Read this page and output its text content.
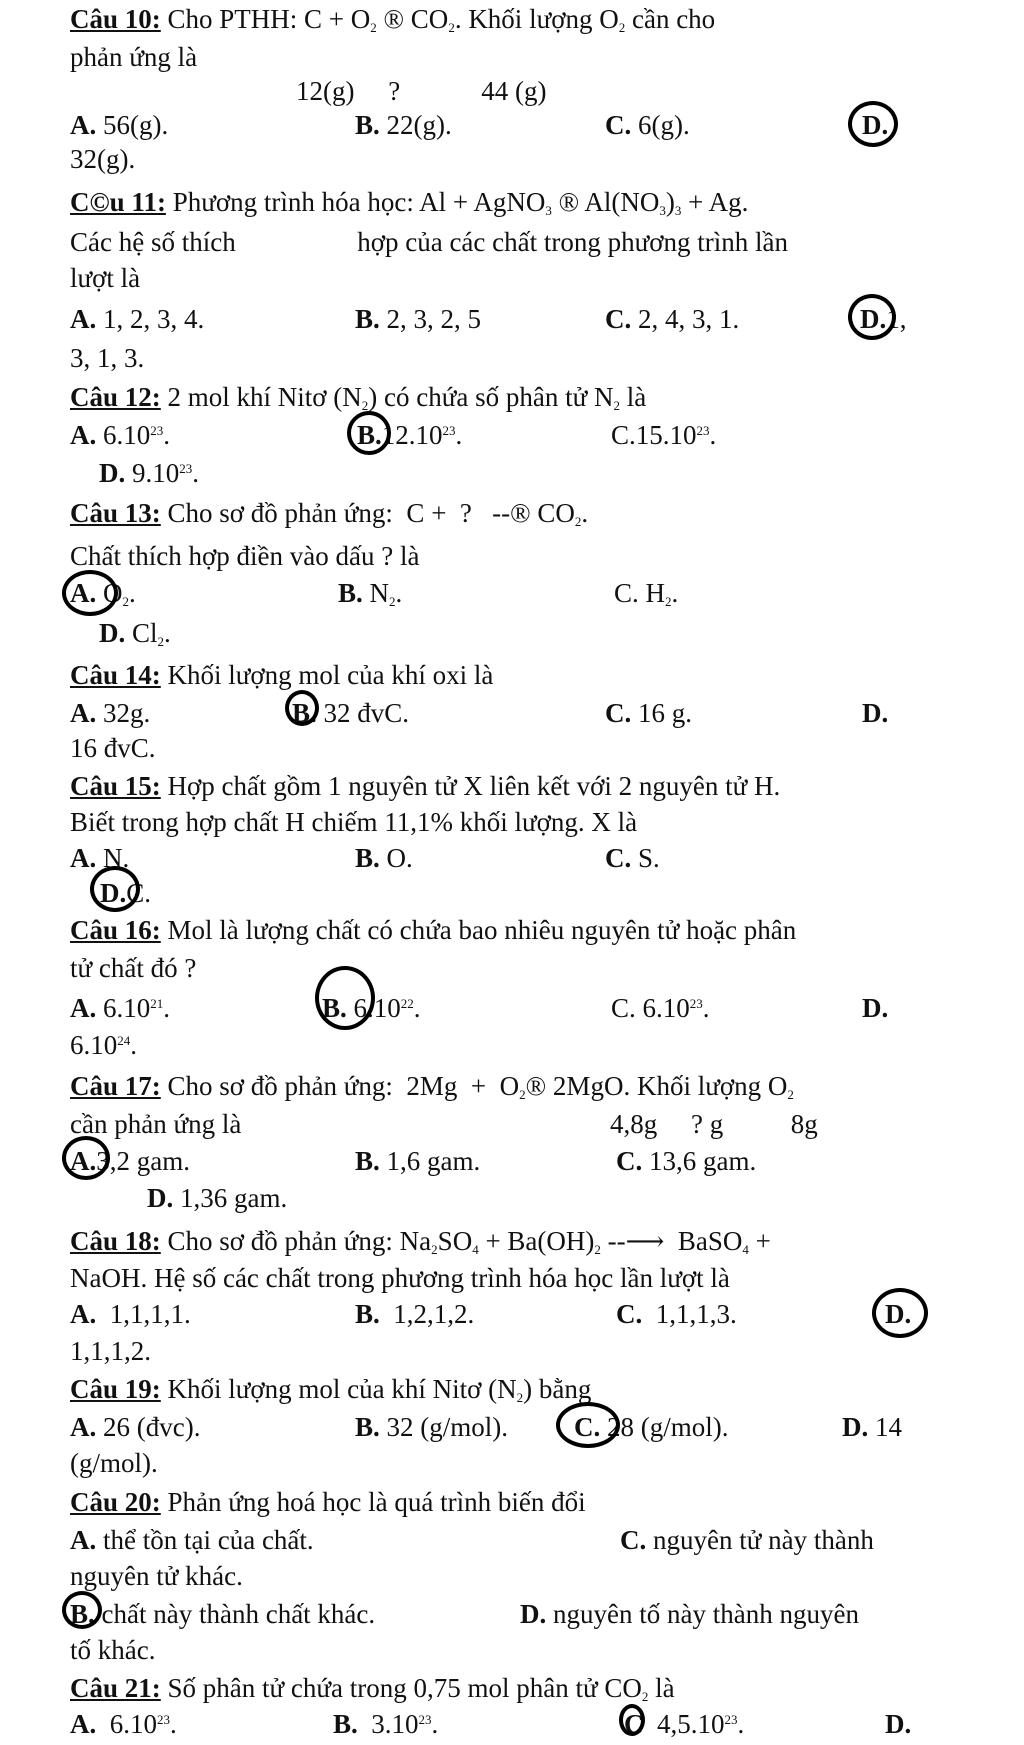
Câu 10: Cho PTHH: C + O2 ® CO2. Khối lượng O2 cần cho
phản ứng là
12(g)     ?            44 (g)
A. 56(g).	B. 22(g).	C. 6(g).	D.
32(g).
C©u 11: Phương trình hóa học: Al + AgNO3 ® Al(NO3)3 + Ag.
Các hệ số thích                  hợp của các chất trong phương trình lần
lượt là
A. 1, 2, 3, 4.	B. 2, 3, 2, 5	C. 2, 4, 3, 1.	D.1,
3, 1, 3.
Câu 12: 2 mol khí Nitơ (N2) có chứa số phân tử N2 là
A. 6.10$^{23}$.	B.12.10$^{23}$.	C.15.10$^{23}$.
D. 9.10$^{23}$.
Câu 13: Cho sơ đồ phản ứng:  C +  ?   --® CO2.
Chất thích hợp điền vào dấu ? là
A. O2.	B. N2.	C. H2.
D. Cl2.
Câu 14: Khối lượng mol của khí oxi là
A. 32g.	B. 32 đvC.	C. 16 g.	D.
16 đvC.
Câu 15: Hợp chất gồm 1 nguyên tử X liên kết với 2 nguyên tử H.
Biết trong hợp chất H chiếm 11,1% khối lượng. X là
A. N.	B. O.	C. S.
D.C.
Câu 16: Mol là lượng chất có chứa bao nhiêu nguyên tử hoặc phân
tử chất đó ?
A. 6.10$^{21}$.	B. 6.10$^{22}$.	C. 6.10$^{23}$.	D.
6.10$^{24}$.
Câu 17: Cho sơ đồ phản ứng:  2Mg  +  O2® 2MgO. Khối lượng O2
cần phản ứng là	4,8g     ? g          8g
A.3,2 gam.	B. 1,6 gam.	C. 13,6 gam.
D. 1,36 gam.
Câu 18: Cho sơ đồ phản ứng: Na2SO4 + Ba(OH)2 --⟶  BaSO4 +
NaOH. Hệ số các chất trong phương trình hóa học lần lượt là
A. 1,1,1,1.	B. 1,2,1,2.	C. 1,1,1,3.	D.
1,1,1,2.
Câu 19: Khối lượng mol của khí Nitơ (N2) bằng
A. 26 (đvc).	B. 32 (g/mol). C. 28 (g/mol).	D. 14
(g/mol).
Câu 20: Phản ứng hoá học là quá trình biến đổi
A. thể tồn tại của chất.	C. nguyên tử này thành
nguyên tử khác.
B. chất này thành chất khác.	D. nguyên tố này thành nguyên
tố khác.
Câu 21: Số phân tử chứa trong 0,75 mol phân tử CO2 là
A. 6.10$^{23}$.	B. 3.10$^{23}$.	C 4,5.10$^{23}$.	D.
